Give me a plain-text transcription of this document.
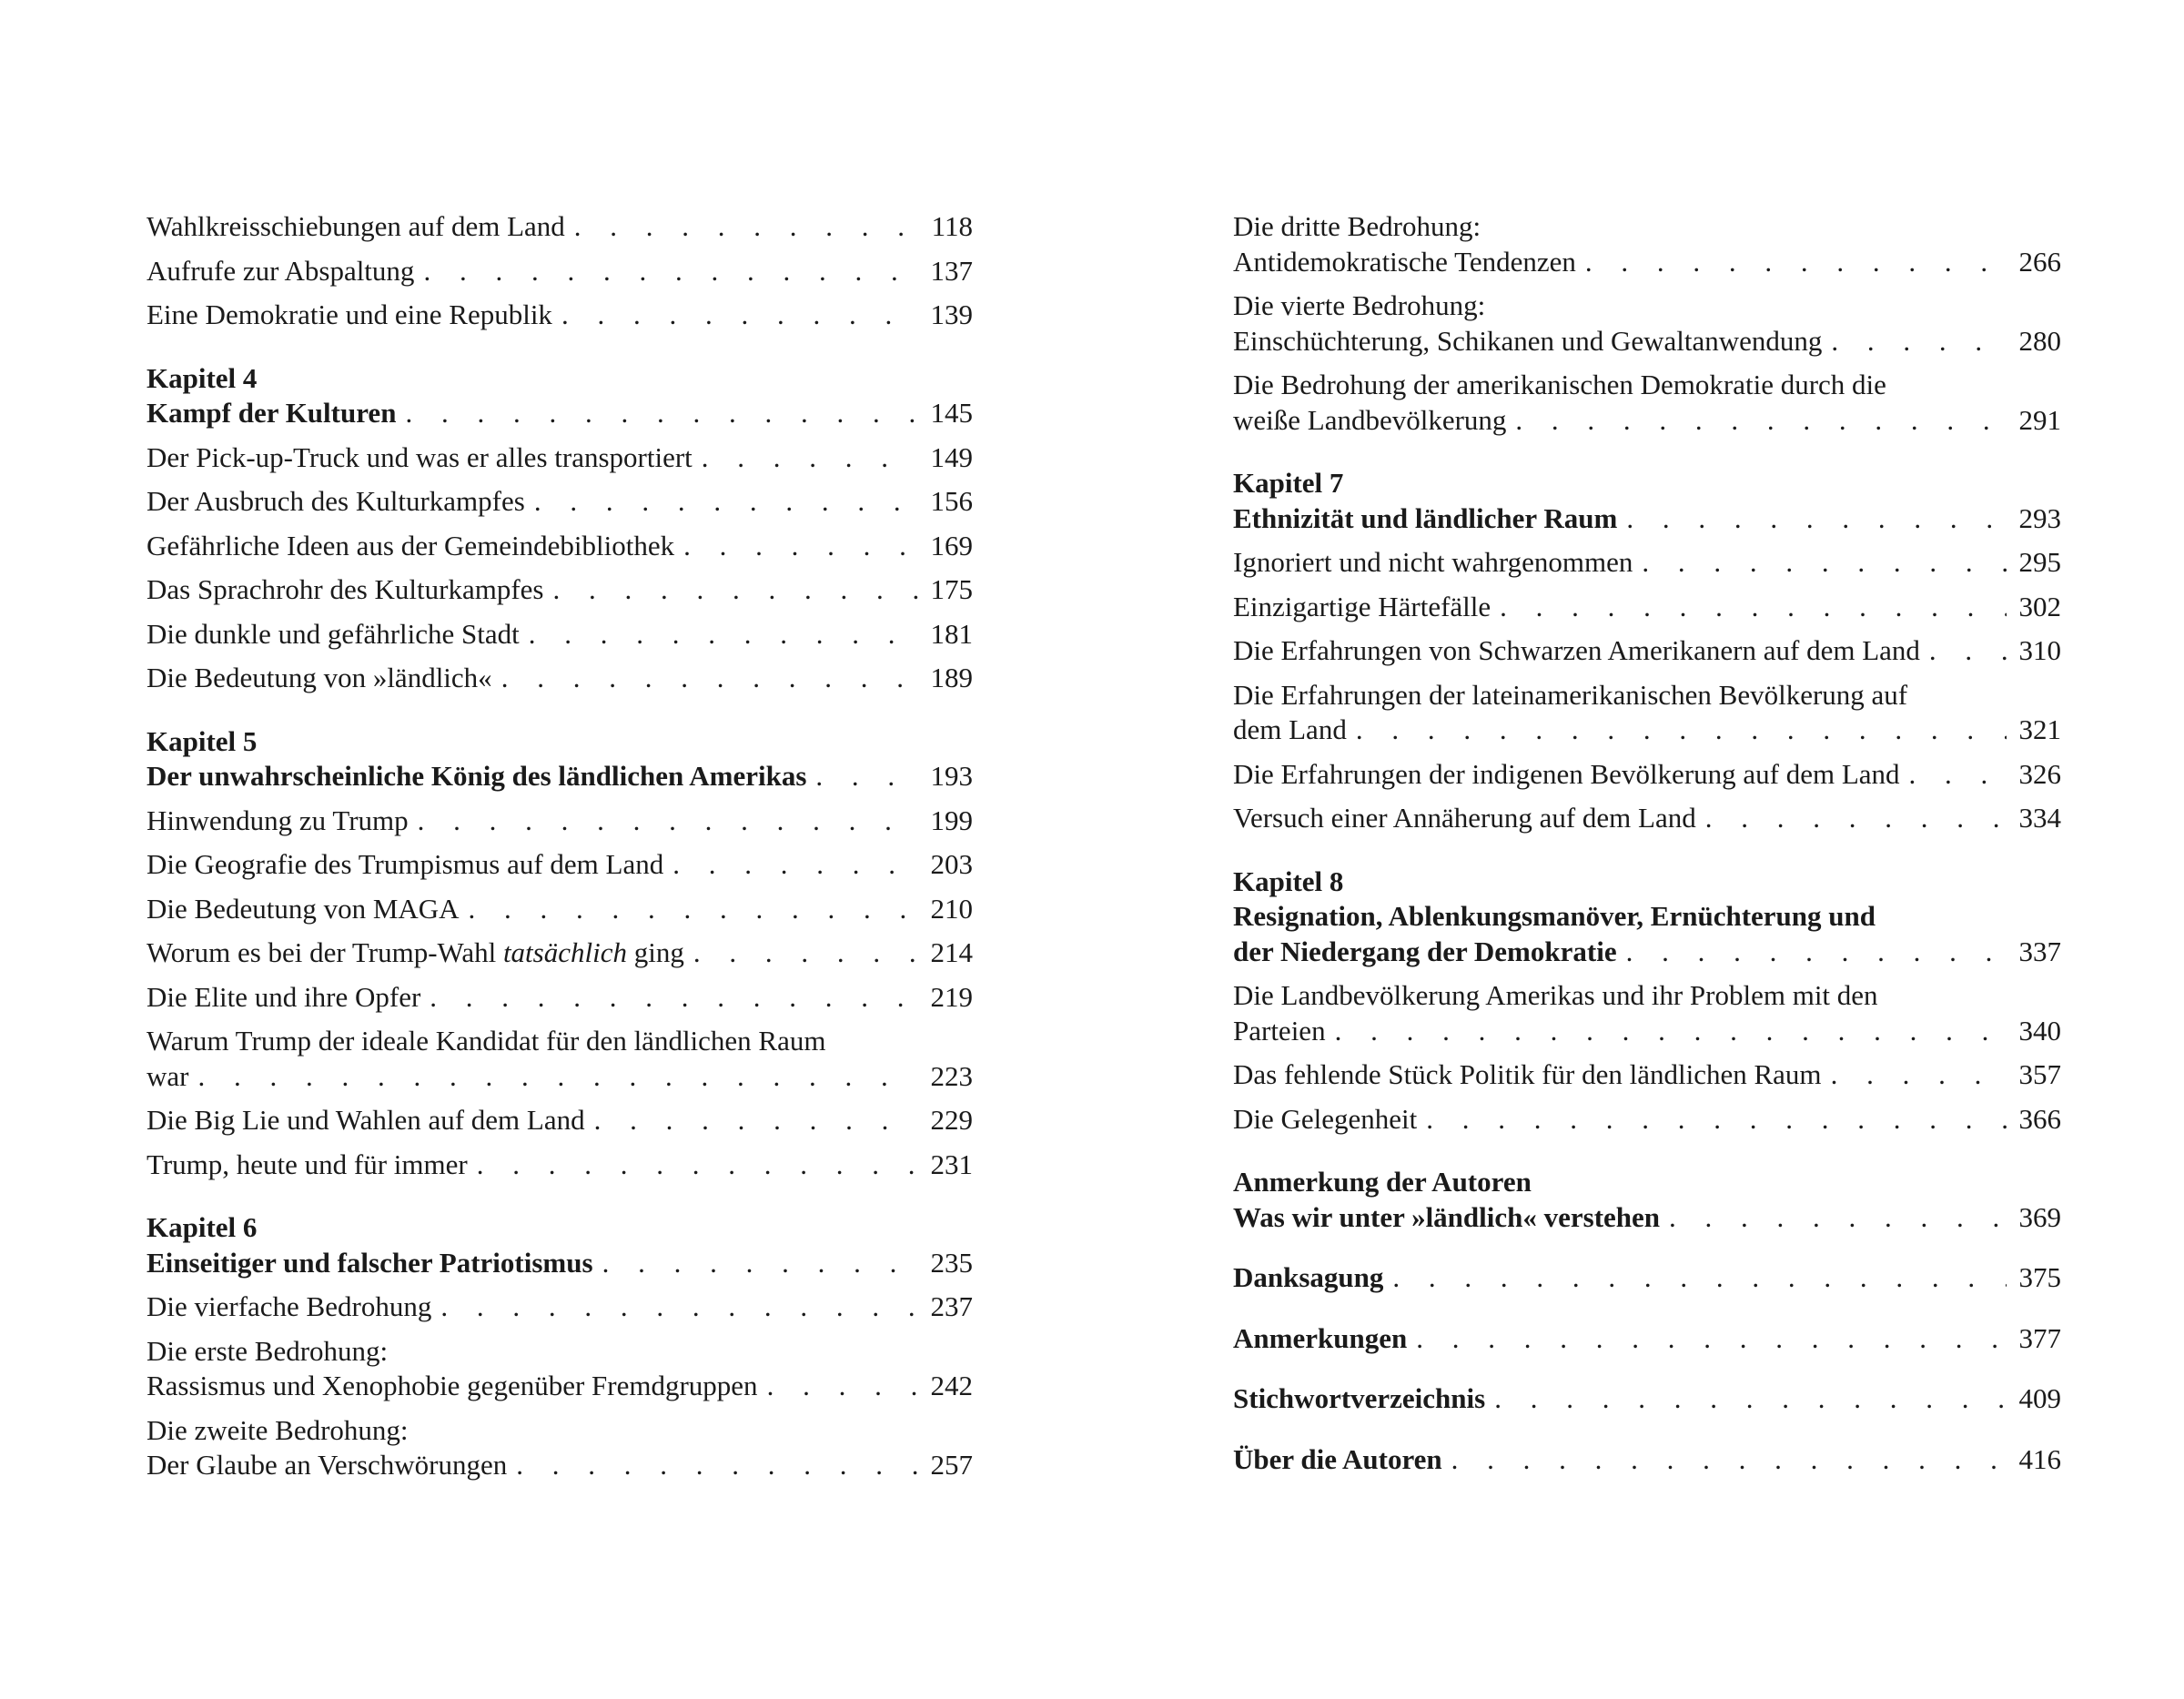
Wahlkreisschiebungen auf dem Land . . .	118
Aufrufe zur Abspaltung . . .	137
Eine Demokratie und eine Republik . . .	139
Kapitel 4
Kampf der Kulturen . . .	145
Der Pick-up-Truck und was er alles transportiert . . .	149
Der Ausbruch des Kulturkampfes . . .	156
Gefährliche Ideen aus der Gemeindebibliothek . . .	169
Das Sprachrohr des Kulturkampfes . . .	175
Die dunkle und gefährliche Stadt . . .	181
Die Bedeutung von »ländlich« . . .	189
Kapitel 5
Der unwahrscheinliche König des ländlichen Amerikas . . .	193
Hinwendung zu Trump . . .	199
Die Geografie des Trumpismus auf dem Land . . .	203
Die Bedeutung von MAGA . . .	210
Worum es bei der Trump-Wahl tatsächlich ging . . .	214
Die Elite und ihre Opfer . . .	219
Warum Trump der ideale Kandidat für den ländlichen Raum
war . . .	223
Die Big Lie und Wahlen auf dem Land . . .	229
Trump, heute und für immer . . .	231
Kapitel 6
Einseitiger und falscher Patriotismus . . .	235
Die vierfache Bedrohung . . .	237
Die erste Bedrohung:
Rassismus und Xenophobie gegenüber Fremdgruppen . . .	242
Die zweite Bedrohung:
Der Glaube an Verschwörungen . . .	257
Die dritte Bedrohung:
Antidemokratische Tendenzen . . .	266
Die vierte Bedrohung:
Einschüchterung, Schikanen und Gewaltanwendung . . .	280
Die Bedrohung der amerikanischen Demokratie durch die
weiße Landbevölkerung . . .	291
Kapitel 7
Ethnizität und ländlicher Raum . . .	293
Ignoriert und nicht wahrgenommen . . .	295
Einzigartige Härtefälle . . .	302
Die Erfahrungen von Schwarzen Amerikanern auf dem Land . . .	310
Die Erfahrungen der lateinamerikanischen Bevölkerung auf
dem Land . . .	321
Die Erfahrungen der indigenen Bevölkerung auf dem Land . . .	326
Versuch einer Annäherung auf dem Land . . .	334
Kapitel 8
Resignation, Ablenkungsmanöver, Ernüchterung und
der Niedergang der Demokratie . . .	337
Die Landbevölkerung Amerikas und ihr Problem mit den
Parteien . . .	340
Das fehlende Stück Politik für den ländlichen Raum . . .	357
Die Gelegenheit . . .	366
Anmerkung der Autoren
Was wir unter »ländlich« verstehen . . .	369
Danksagung . . .	375
Anmerkungen . . .	377
Stichwortverzeichnis . . .	409
Über die Autoren . . .	416
